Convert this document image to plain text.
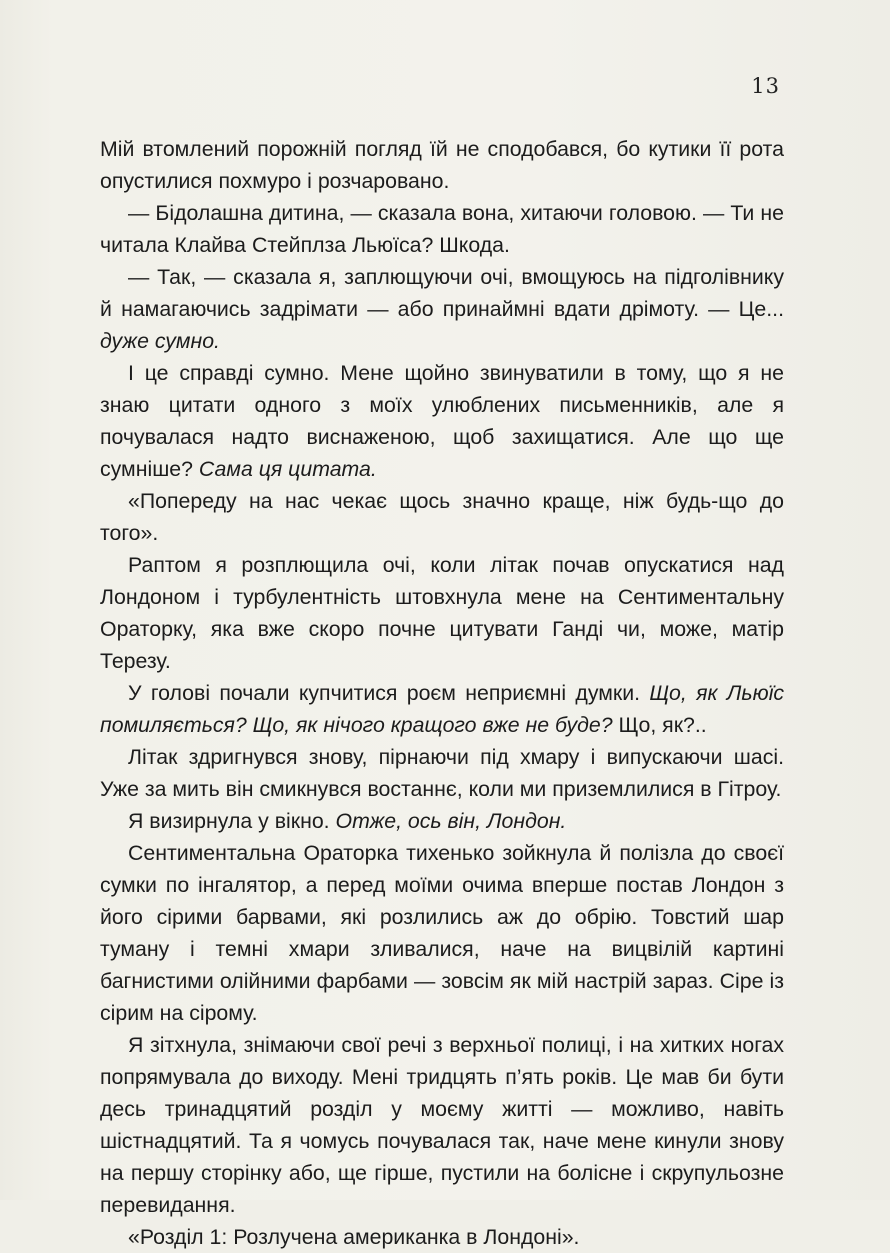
13

Мій втомлений порожній погляд їй не сподобався, бо кутики її рота опустилися похмуро і розчаровано.

— Бідолашна дитина, — сказала вона, хитаючи головою. — Ти не читала Клайва Стейплза Льюїса? Шкода.

— Так, — сказала я, заплющуючи очі, вмощуюсь на підголівнику й намагаючись задрімати — або принаймні вдати дрімоту. — Це... дуже сумно.

І це справді сумно. Мене щойно звинуватили в тому, що я не знаю цитати одного з моїх улюблених письменників, але я почувалася надто виснаженою, щоб захищатися. Але що ще сумніше? Сама ця цитата.

«Попереду на нас чекає щось значно краще, ніж будь-що до того».

Раптом я розплющила очі, коли літак почав опускатися над Лондоном і турбулентність штовхнула мене на Сентиментальну Ораторку, яка вже скоро почне цитувати Ганді чи, може, матір Терезу.

У голові почали купчитися роєм неприємні думки. Що, як Льюїс помиляється? Що, як нічого кращого вже не буде? Що, як?..

Літак здригнувся знову, пірнаючи під хмару і випускаючи шасі. Уже за мить він смикнувся востаннє, коли ми приземлилися в Гітроу.

Я визирнула у вікно. Отже, ось він, Лондон.

Сентиментальна Ораторка тихенько зойкнула й полізла до своєї сумки по інгалятор, а перед моїми очима вперше постав Лондон з його сірими барвами, які розлились аж до обрію. Товстий шар туману і темні хмари зливалися, наче на вицвілій картині багнистими олійними фарбами — зовсім як мій настрій зараз. Сіре із сірим на сірому.

Я зітхнула, знімаючи свої речі з верхньої полиці, і на хитких ногах попрямувала до виходу. Мені тридцять п’ять років. Це мав би бути десь тринадцятий розділ у моєму житті — можливо, навіть шістнадцятий. Та я чомусь почувалася так, наче мене кинули знову на першу сторінку або, ще гірше, пустили на болісне і скрупульозне перевидання.

«Розділ 1: Розлучена американка в Лондоні».
